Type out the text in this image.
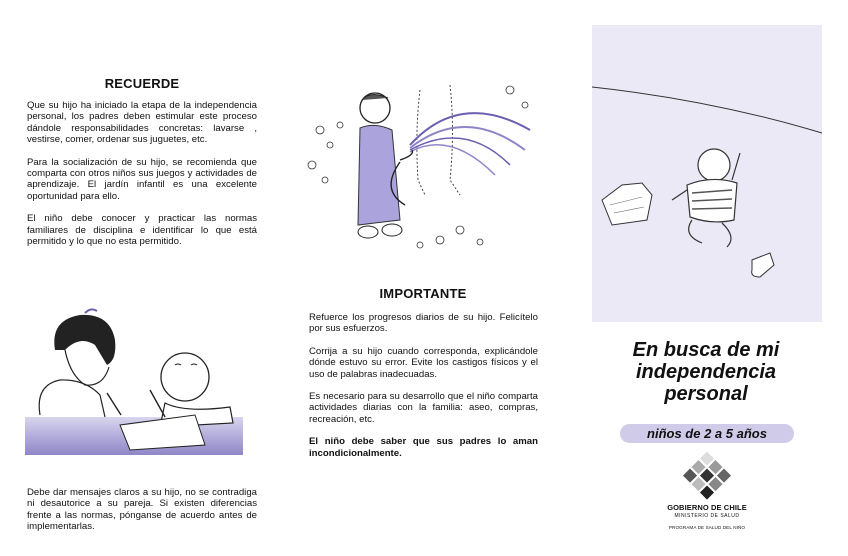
RECUERDE

Que su hijo ha iniciado la etapa de la independencia personal, los padres deben estimular este proceso dándole responsabilidades concretas: lavarse , vestirse, comer, ordenar sus juguetes, etc.

Para la socialización de su hijo, se recomienda que comparta con otros niños sus juegos y actividades de aprendizaje. El jardín infantil es una excelente oportunidad para ello.

El niño debe conocer y practicar las normas familiares de disciplina e identificar lo que está permitido y lo que no esta permitido.

Debe dar mensajes claros a su hijo, no se contradiga ni desautorice a su pareja. Si existen diferencias frente a las normas, pónganse de acuerdo antes de implementarlas.

IMPORTANTE

Refuerce los progresos diarios de su hijo. Felicítelo por sus esfuerzos.

Corrija a su hijo cuando corresponda, explicándole dónde estuvo su error. Evite los castigos físicos y el uso de palabras inadecuadas.

Es necesario para su desarrollo que el niño comparta actividades diarias con la familia: aseo, compras, recreación, etc.

El niño debe saber que sus padres lo aman incondicionalmente.

En busca de mi
independencia
personal
niños de 2 a 5 años
GOBIERNO DE CHILE
MINISTERIO DE SALUD
PROGRAMA DE SALUD DEL NIÑO
